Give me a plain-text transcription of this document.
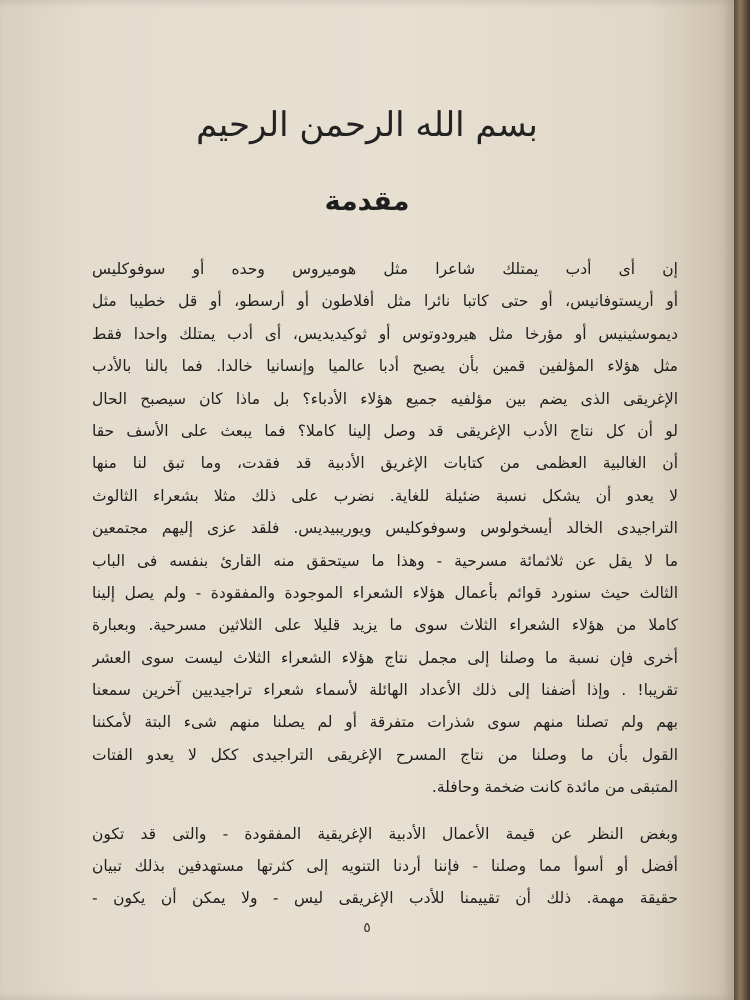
بسم الله الرحمن الرحيم
مقدمة
إن أى أدب يمتلك شاعرا مثل هوميروس وحده أو سوفوكليس
أو أريستوفانيس، أو حتى كاتبا نائرا مثل أفلاطون أو أرسطو، أو قل خطيبا مثل
ديموسثينيس أو مؤرخا مثل هيرودوتوس أو ثوكيديديس، أى أدب يمتلك واحدا فقط
مثل هؤلاء المؤلفين قمين بأن يصبح أدبا عالميا وإنسانيا خالدا. فما بالنا بالأدب
الإغريقى الذى يضم بين مؤلفيه جميع هؤلاء الأدباء؟ بل ماذا كان سيصبح الحال
لو أن كل نتاج الأدب الإغريقى قد وصل إلينا كاملا؟ فما يبعث على الأسف حقا
أن الغالبية العظمى من كتابات الإغريق الأدبية قد فقدت، وما تبق لنا منها
لا يعدو أن يشكل نسبة ضئيلة للغاية. نضرب على ذلك مثلا بشعراء الثالوث
التراجيدى الخالد أيسخولوس وسوفوكليس ويوريبيديس. فلقد عزى إليهم مجتمعين
ما لا يقل عن ثلاثمائة مسرحية - وهذا ما سيتحقق منه القارئ بنفسه فى الباب
الثالث حيث سنورد قوائم بأعمال هؤلاء الشعراء الموجودة والمفقودة - ولم يصل إلينا
كاملا من هؤلاء الشعراء الثلاث سوى ما يزيد قليلا على الثلاثين مسرحية. وبعبارة
أخرى فإن نسبة ما وصلنا إلى مجمل نتاج هؤلاء الشعراء الثلاث ليست سوى العشر
تقريبا! . وإذا أضفنا إلى ذلك الأعداد الهائلة لأسماء شعراء تراجيديين آخرين سمعنا
بهم ولم تصلنا منهم سوى شذرات متفرقة أو لم يصلنا منهم شىء البتة لأمكننا
القول بأن ما وصلنا من نتاج المسرح الإغريقى التراجيدى ككل لا يعدو الفتات
المتبقى من مائدة كانت ضخمة وحافلة.
وبغض النظر عن قيمة الأعمال الأدبية الإغريقية المفقودة - والتى قد تكون
أفضل أو أسوأ مما وصلنا - فإننا أردنا التنويه إلى كثرتها مستهدفين بذلك تبيان
حقيقة مهمة. ذلك أن تقييمنا للأدب الإغريقى ليس - ولا يمكن أن يكون -
٥
